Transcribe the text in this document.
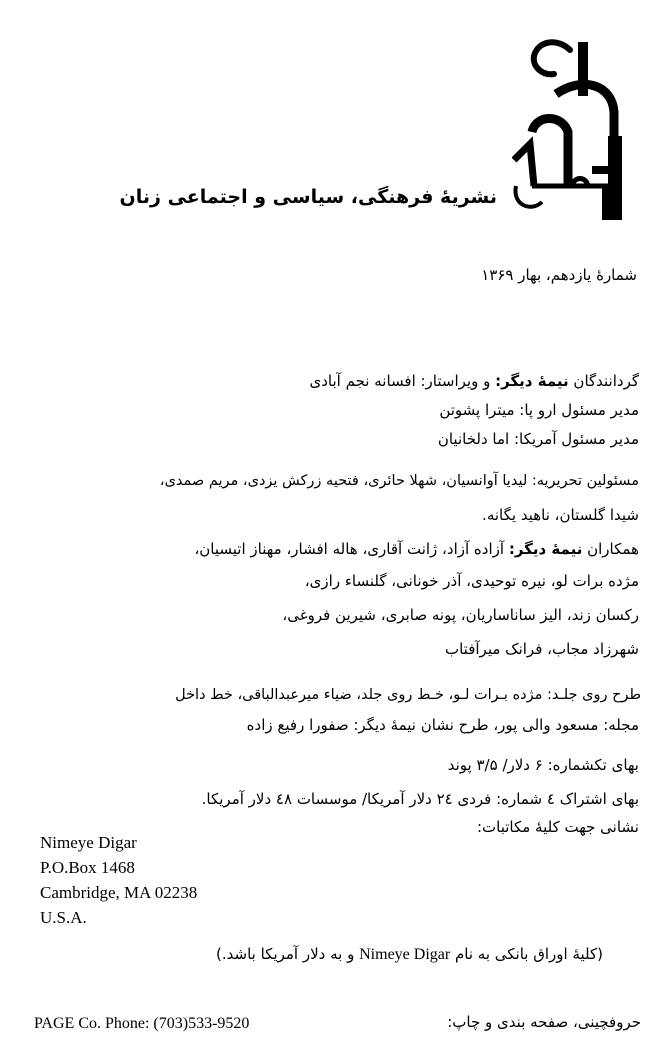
نشریهٔ فرهنگی، سیاسی و اجتماعی زنان
شمارهٔ یازدهم، بهار ۱۳۶۹
گردانندگان نیمهٔ دیگر: و ویراستار: افسانه نجم آبادی
مدیر مسئول ارو پا: میترا پشوتن
مدیر مسئول آمریکا: اما دلخانیان
مسئولین تحریریه: لیدیا آوانسیان، شهلا حائری، فتحیه زرکش یزدی، مریم صمدی،
شیدا گلستان، ناهید یگانه.
همکاران نیمهٔ دیگر: آزاده آزاد، ژانت آقاری، هاله افشار، مهناز اتیسیان،
مژده برات لو، نیره توحیدی، آذر خونانی، گلنساء رازی،
رکسان زند، الیز ساناساریان، پونه صابری، شیرین فروغی،
شهرزاد مجاب، فرانک میرآفتاب
طرح روی جلـد: مژده بـرات لـو، خـط روی جلد، ضیاء میرعبدالباقی، خط داخل
مجله: مسعود والی پور، طرح نشان نیمهٔ دیگر: صفورا رفیع زاده
بهای تکشماره: ۶ دلار/ ۳/۵ پوند
بهای اشتراک ٤ شماره: فردی ۲٤ دلار آمریکا/ موسسات ٤۸ دلار آمریکا.
نشانی جهت کلیهٔ مکاتبات:
Nimeye Digar
P.O.Box 1468
Cambridge, MA 02238
U.S.A.
(کلیهٔ اوراق بانکی به نام Nimeye Digar و به دلار آمریکا باشد.)
PAGE Co. Phone: (703)533-9520	حروفچینی، صفحه بندی و چاپ:
